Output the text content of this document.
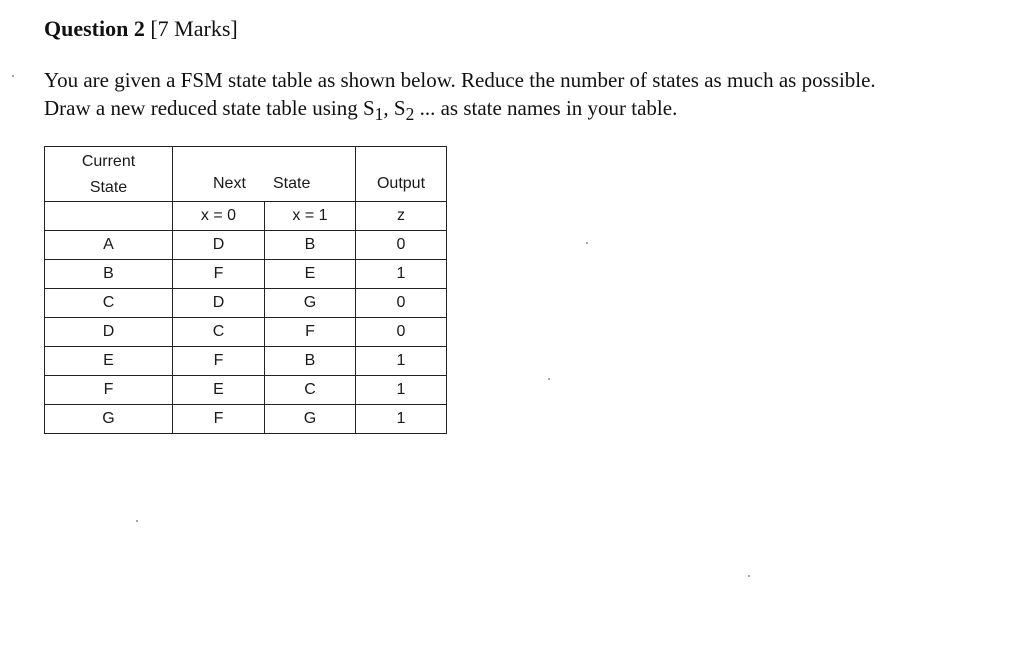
Question 2 [7 Marks]
You are given a FSM state table as shown below. Reduce the number of states as much as possible.
Draw a new reduced state table using $S_1$, $S_2$ ... as state names in your table.
Current
State	Next State		Output

	x = 0	x = 1	z
A	D	B	0
B	F	E	1
C	D	G	0
D	C	F	0
E	F	B	1
F	E	C	1
G	F	G	1
